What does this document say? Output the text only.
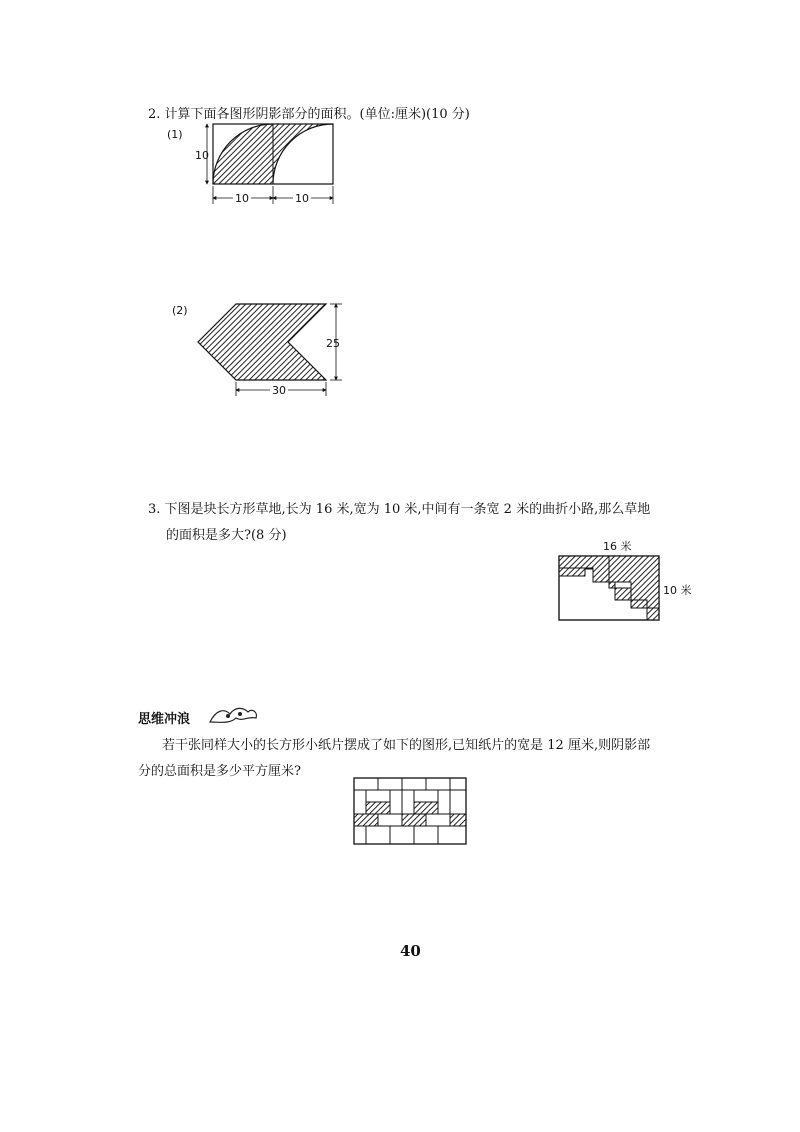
2. 计算下面各图形阴影部分的面积。(单位:厘米)(10 分)
(1)
10
10	10
(2)
25
30
3. 下图是块长方形草地,长为 16 米,宽为 10 米,中间有一条宽 2 米的曲折小路,那么草地
的面积是多大?(8 分)
16 米
10 米
思维冲浪
若干张同样大小的长方形小纸片摆成了如下的图形,已知纸片的宽是 12 厘米,则阴影部
分的总面积是多少平方厘米?
40
